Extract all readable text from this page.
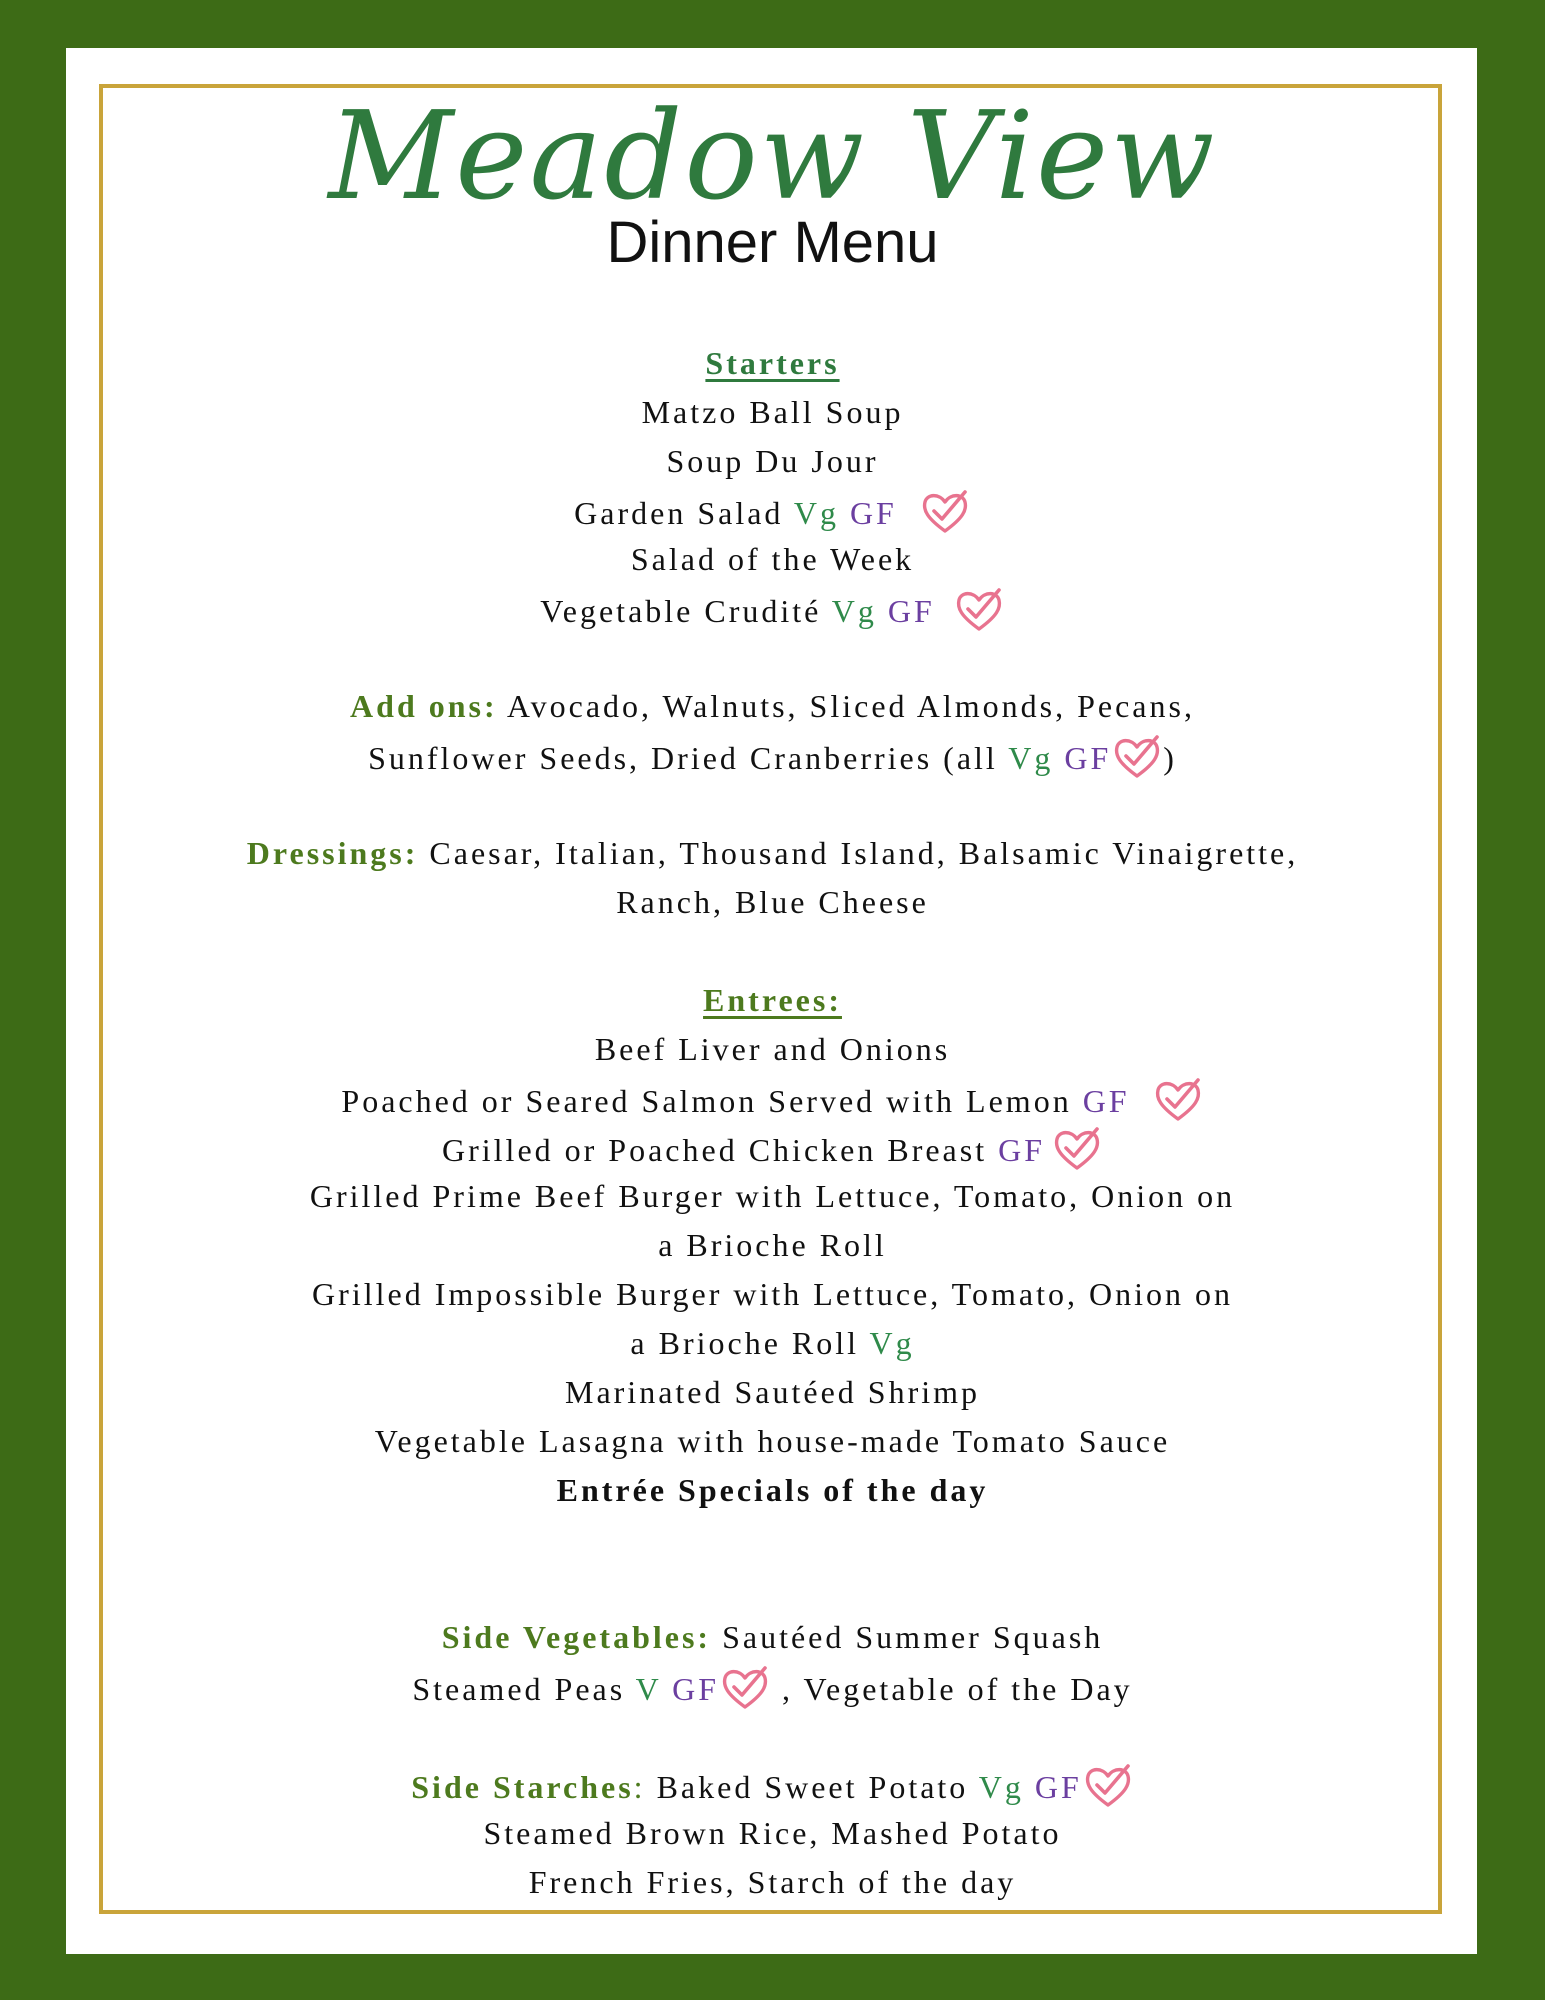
Meadow View
Dinner Menu
Starters
Matzo Ball Soup
Soup Du Jour
Garden Salad Vg GF
Salad of the Week
Vegetable Crudité Vg GF
Add ons: Avocado, Walnuts, Sliced Almonds, Pecans,
Sunflower Seeds, Dried Cranberries (all Vg GF )
Dressings: Caesar, Italian, Thousand Island, Balsamic Vinaigrette,
Ranch, Blue Cheese
Entrees:
Beef Liver and Onions
Poached or Seared Salmon Served with Lemon GF
Grilled or Poached Chicken Breast GF
Grilled Prime Beef Burger with Lettuce, Tomato, Onion on
a Brioche Roll
Grilled Impossible Burger with Lettuce, Tomato, Onion on
a Brioche Roll Vg
Marinated Sautéed Shrimp
Vegetable Lasagna with house-made Tomato Sauce
Entrée Specials of the day
Side Vegetables: Sautéed Summer Squash
Steamed Peas V GF , Vegetable of the Day
Side Starches: Baked Sweet Potato Vg GF
Steamed Brown Rice, Mashed Potato
French Fries, Starch of the day
